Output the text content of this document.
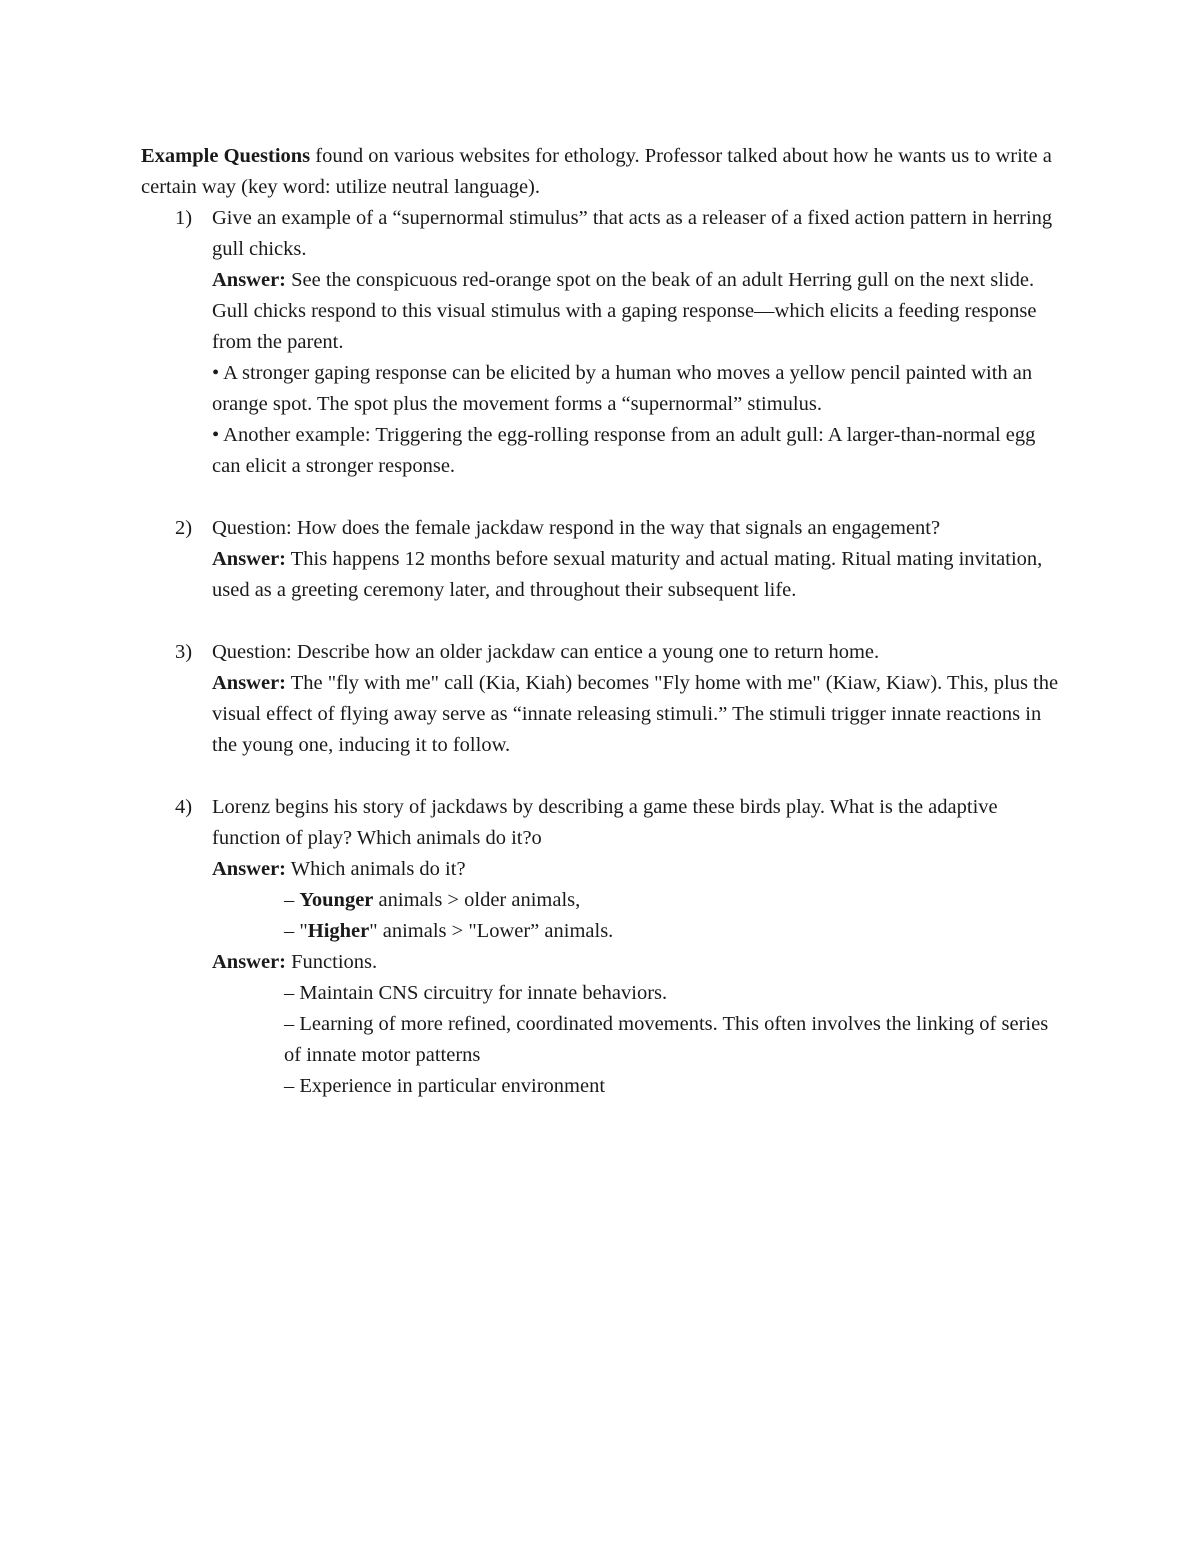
Example Questions found on various websites for ethology. Professor talked about how he wants us to write a certain way (key word: utilize neutral language).

1) Give an example of a “supernormal stimulus” that acts as a releaser of a fixed action pattern in herring gull chicks.
Answer: See the conspicuous red-orange spot on the beak of an adult Herring gull on the next slide. Gull chicks respond to this visual stimulus with a gaping response—which elicits a feeding response from the parent.
• A stronger gaping response can be elicited by a human who moves a yellow pencil painted with an orange spot. The spot plus the movement forms a “supernormal” stimulus.
• Another example: Triggering the egg-rolling response from an adult gull: A larger-than-normal egg can elicit a stronger response.
2) Question: How does the female jackdaw respond in the way that signals an engagement?
Answer: This happens 12 months before sexual maturity and actual mating. Ritual mating invitation, used as a greeting ceremony later, and throughout their subsequent life.
3) Question: Describe how an older jackdaw can entice a young one to return home.
Answer: The "fly with me" call (Kia, Kiah) becomes "Fly home with me" (Kiaw, Kiaw). This, plus the visual effect of flying away serve as “innate releasing stimuli.” The stimuli trigger innate reactions in the young one, inducing it to follow.
4) Lorenz begins his story of jackdaws by describing a game these birds play. What is the adaptive function of play? Which animals do it?o
Answer: Which animals do it?
– Younger animals > older animals,
– "Higher" animals > "Lower” animals.
Answer: Functions.
– Maintain CNS circuitry for innate behaviors.
– Learning of more refined, coordinated movements. This often involves the linking of series of innate motor patterns
– Experience in particular environment
